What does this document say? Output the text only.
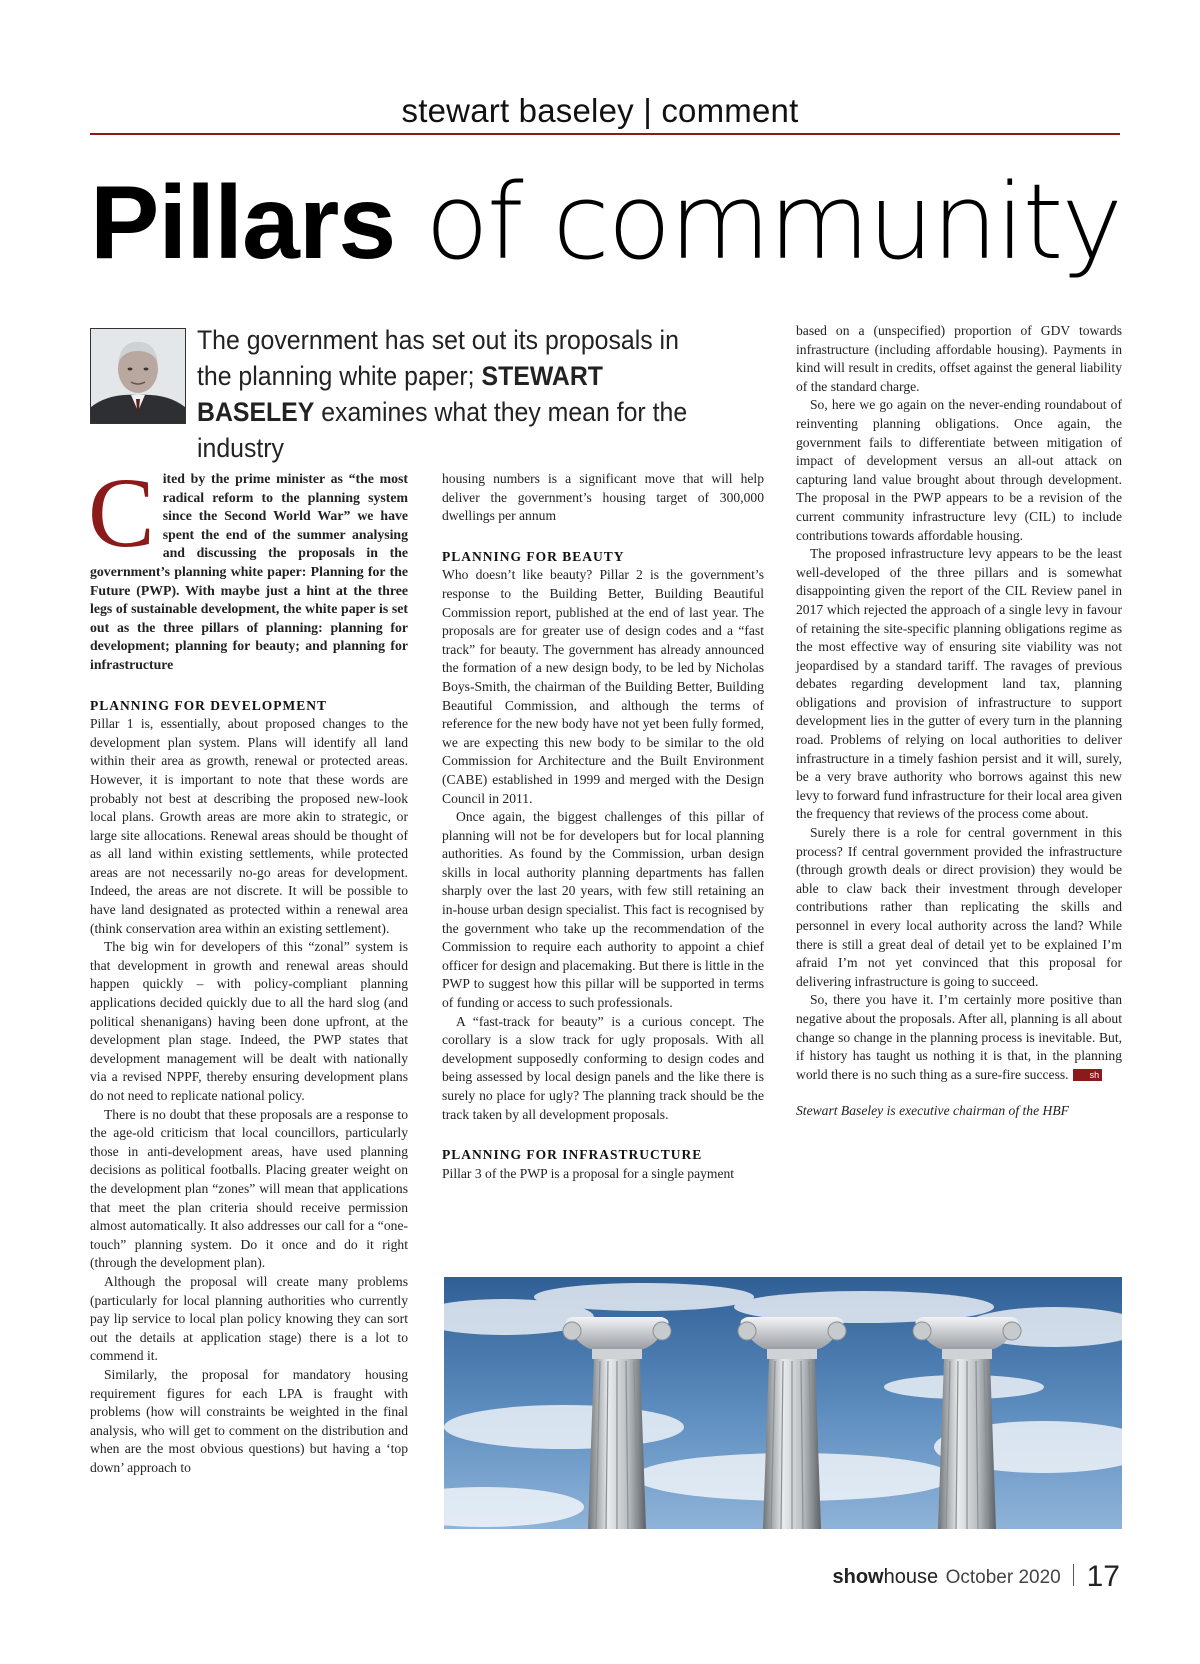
stewart baseley | comment
Pillars of community
The government has set out its proposals in the planning white paper; STEWART BASELEY examines what they mean for the industry
C ited by the prime minister as “the most radical reform to the planning system since the Second World War” we have spent the end of the summer analysing and discussing the proposals in the government’s planning white paper: Planning for the Future (PWP). With maybe just a hint at the three legs of sustainable development, the white paper is set out as the three pillars of planning: planning for development; planning for beauty; and planning for infrastructure

PLANNING FOR DEVELOPMENT

Pillar 1 is, essentially, about proposed changes to the development plan system. Plans will identify all land within their area as growth, renewal or protected areas. However, it is important to note that these words are probably not best at describing the proposed new-look local plans. Growth areas are more akin to strategic, or large site allocations. Renewal areas should be thought of as all land within existing settlements, while protected areas are not necessarily no-go areas for development. Indeed, the areas are not discrete. It will be possible to have land designated as protected within a renewal area (think conservation area within an existing settlement).

The big win for developers of this “zonal” system is that development in growth and renewal areas should happen quickly – with policy-compliant planning applications decided quickly due to all the hard slog (and political shenanigans) having been done upfront, at the development plan stage. Indeed, the PWP states that development management will be dealt with nationally via a revised NPPF, thereby ensuring development plans do not need to replicate national policy.

There is no doubt that these proposals are a response to the age-old criticism that local councillors, particularly those in anti-development areas, have used planning decisions as political footballs. Placing greater weight on the development plan “zones” will mean that applications that meet the plan criteria should receive permission almost automatically. It also addresses our call for a “one-touch” planning system. Do it once and do it right (through the development plan).

Although the proposal will create many problems (particularly for local planning authorities who currently pay lip service to local plan policy knowing they can sort out the details at application stage) there is a lot to commend it.

Similarly, the proposal for mandatory housing requirement figures for each LPA is fraught with problems (how will constraints be weighted in the final analysis, who will get to comment on the distribution and when are the most obvious questions) but having a ‘top down’ approach to

housing numbers is a significant move that will help deliver the government’s housing target of 300,000 dwellings per annum

PLANNING FOR BEAUTY

Who doesn’t like beauty? Pillar 2 is the government’s response to the Building Better, Building Beautiful Commission report, published at the end of last year. The proposals are for greater use of design codes and a “fast track” for beauty. The government has already announced the formation of a new design body, to be led by Nicholas Boys-Smith, the chairman of the Building Better, Building Beautiful Commission, and although the terms of reference for the new body have not yet been fully formed, we are expecting this new body to be similar to the old Commission for Architecture and the Built Environment (CABE) established in 1999 and merged with the Design Council in 2011.

Once again, the biggest challenges of this pillar of planning will not be for developers but for local planning authorities. As found by the Commission, urban design skills in local authority planning departments has fallen sharply over the last 20 years, with few still retaining an in-house urban design specialist. This fact is recognised by the government who take up the recommendation of the Commission to require each authority to appoint a chief officer for design and placemaking. But there is little in the PWP to suggest how this pillar will be supported in terms of funding or access to such professionals.

A “fast-track for beauty” is a curious concept. The corollary is a slow track for ugly proposals. With all development supposedly conforming to design codes and being assessed by local design panels and the like there is surely no place for ugly? The planning track should be the track taken by all development proposals.

PLANNING FOR INFRASTRUCTURE

Pillar 3 of the PWP is a proposal for a single payment

based on a (unspecified) proportion of GDV towards infrastructure (including affordable housing). Payments in kind will result in credits, offset against the general liability of the standard charge.

So, here we go again on the never-ending roundabout of reinventing planning obligations. Once again, the government fails to differentiate between mitigation of impact of development versus an all-out attack on capturing land value brought about through development. The proposal in the PWP appears to be a revision of the current community infrastructure levy (CIL) to include contributions towards affordable housing.

The proposed infrastructure levy appears to be the least well-developed of the three pillars and is somewhat disappointing given the report of the CIL Review panel in 2017 which rejected the approach of a single levy in favour of retaining the site-specific planning obligations regime as the most effective way of ensuring site viability was not jeopardised by a standard tariff. The ravages of previous debates regarding development land tax, planning obligations and provision of infrastructure to support development lies in the gutter of every turn in the planning road. Problems of relying on local authorities to deliver infrastructure in a timely fashion persist and it will, surely, be a very brave authority who borrows against this new levy to forward fund infrastructure for their local area given the frequency that reviews of the process come about.

Surely there is a role for central government in this process? If central government provided the infrastructure (through growth deals or direct provision) they would be able to claw back their investment through developer contributions rather than replicating the skills and personnel in every local authority across the land? While there is still a great deal of detail yet to be explained I’m afraid I’m not yet convinced that this proposal for delivering infrastructure is going to succeed.

So, there you have it. I’m certainly more positive than negative about the proposals. After all, planning is all about change so change in the planning process is inevitable. But, if history has taught us nothing it is that, in the planning world there is no such thing as a sure-fire success. sh

Stewart Baseley is executive chairman of the HBF

showhouse October 2020 17
